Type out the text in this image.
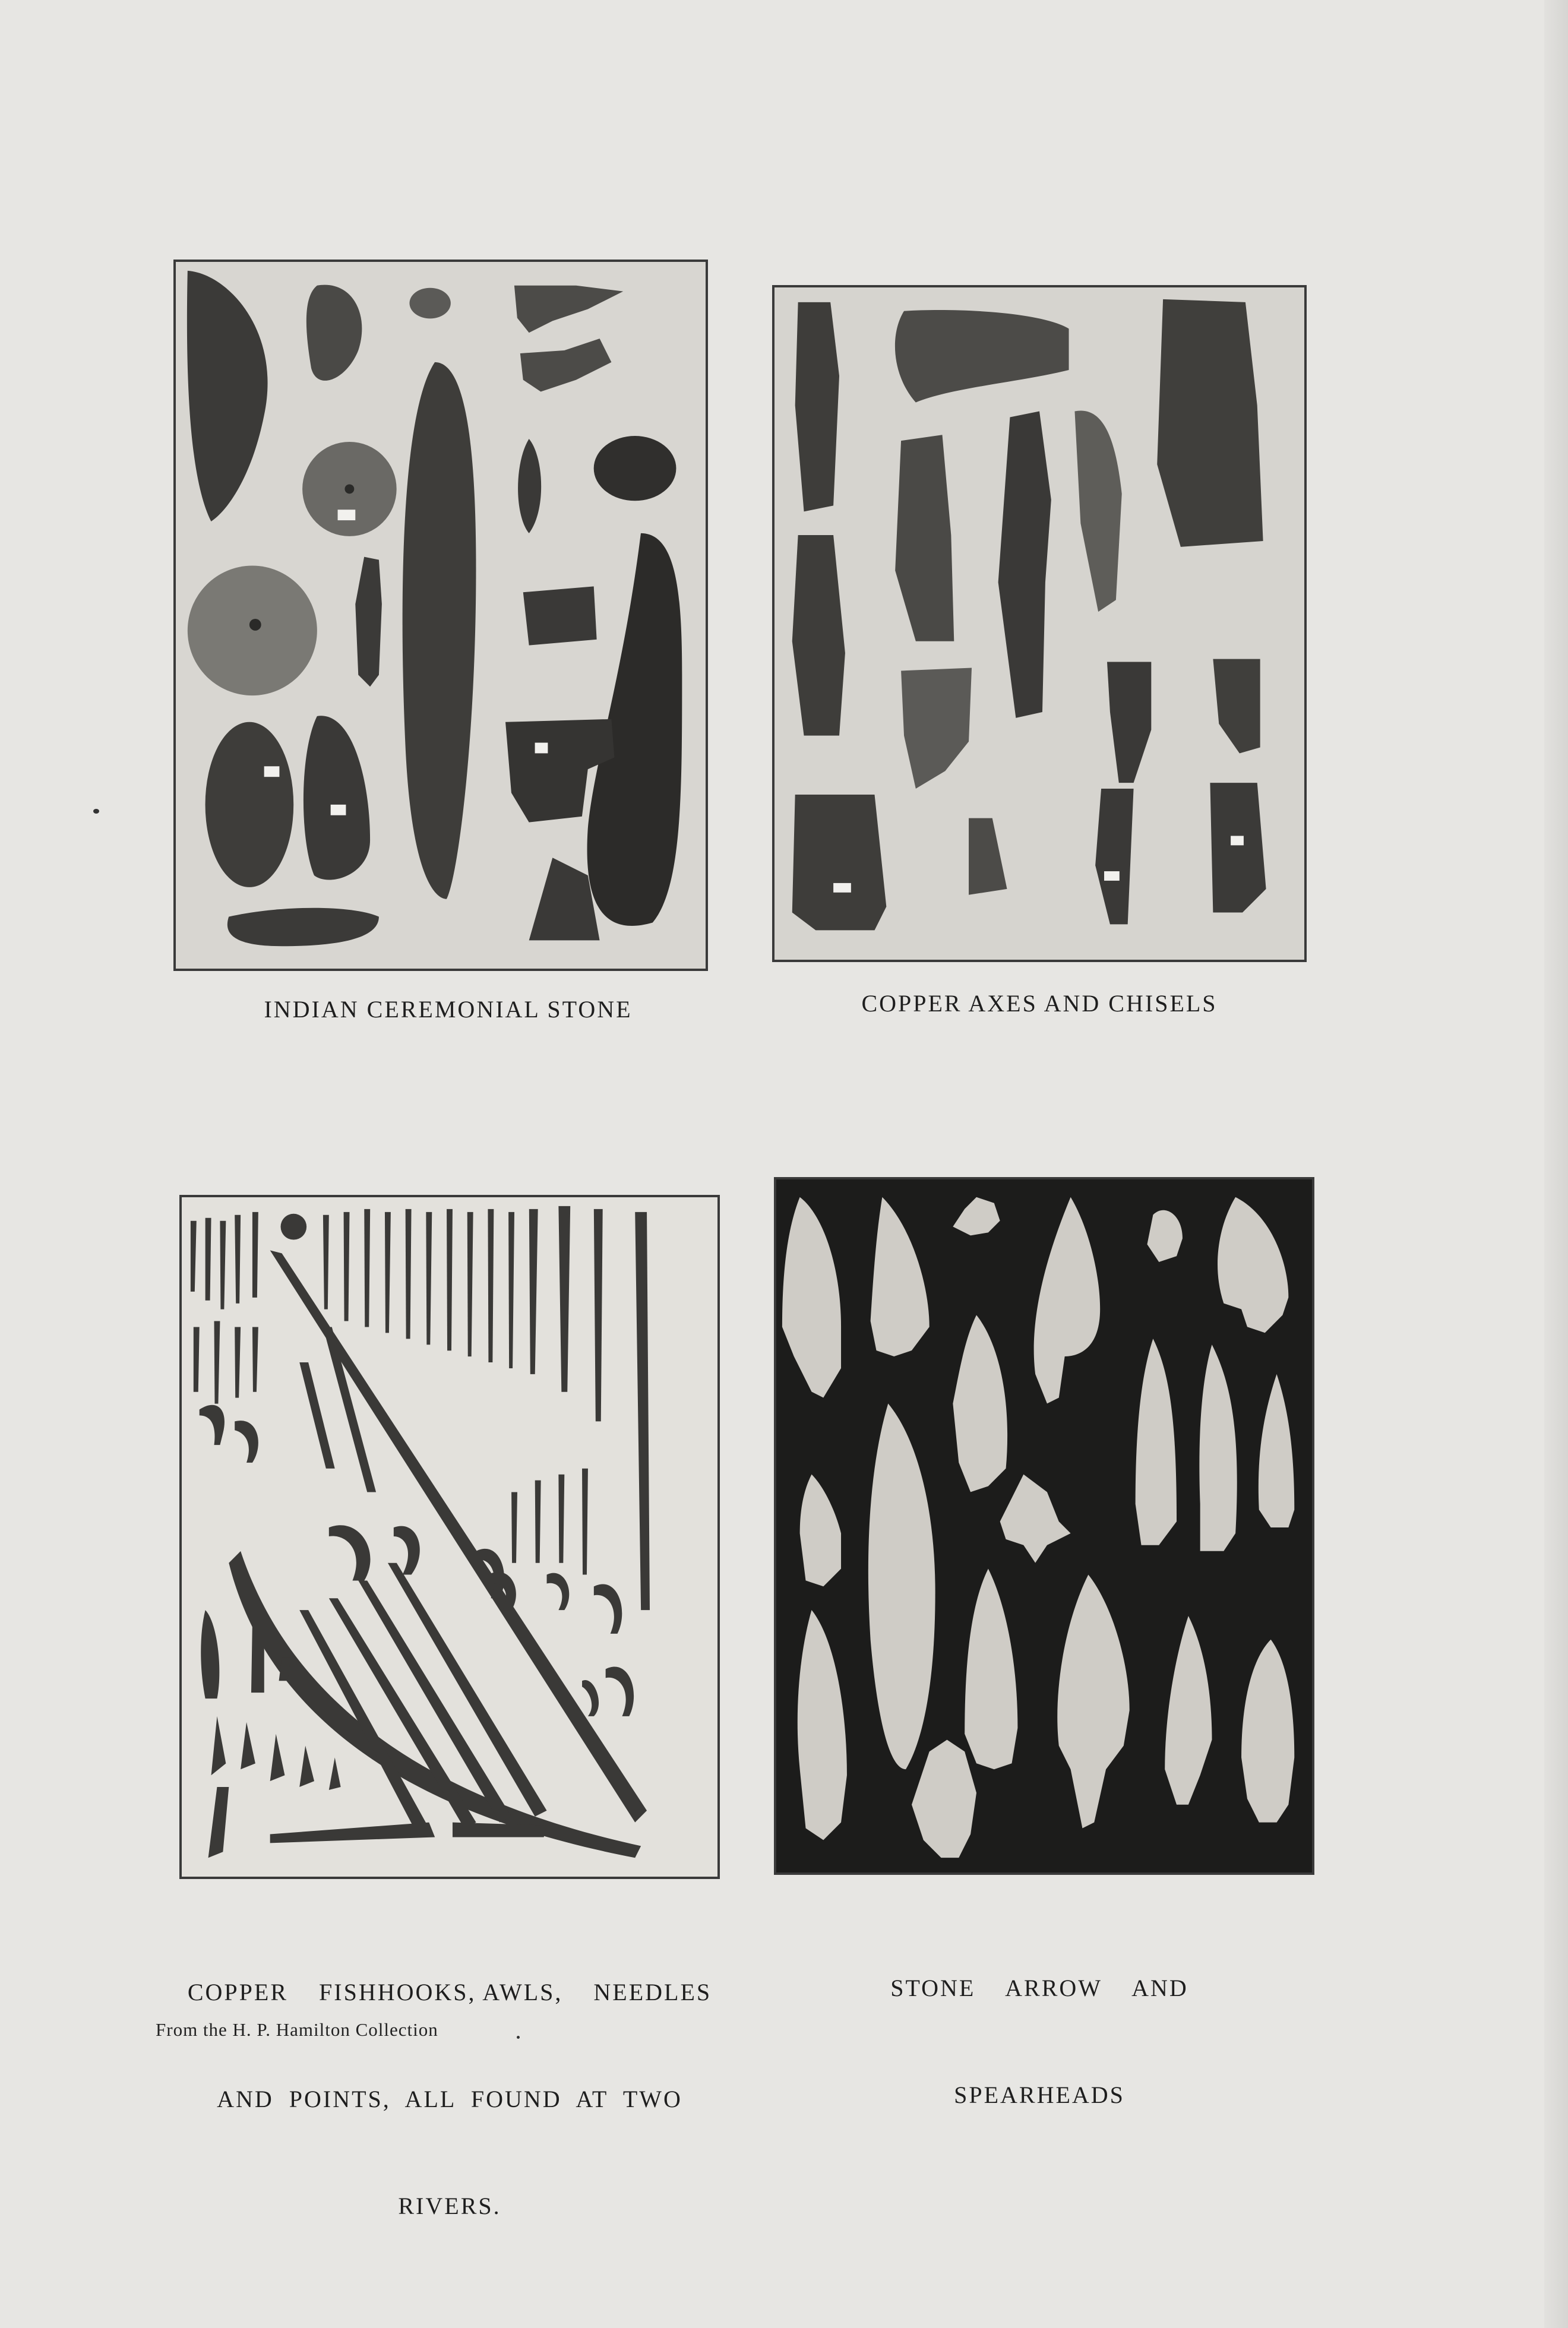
INDIAN CEREMONIAL STONE	COPPER AXES AND CHISELS

COPPER    FISHHOOKS, AWLS,    NEEDLES

AND  POINTS,  ALL  FOUND  AT  TWO

RIVERS.

STONE    ARROW    AND

SPEARHEADS

From the H. P. Hamilton Collection
